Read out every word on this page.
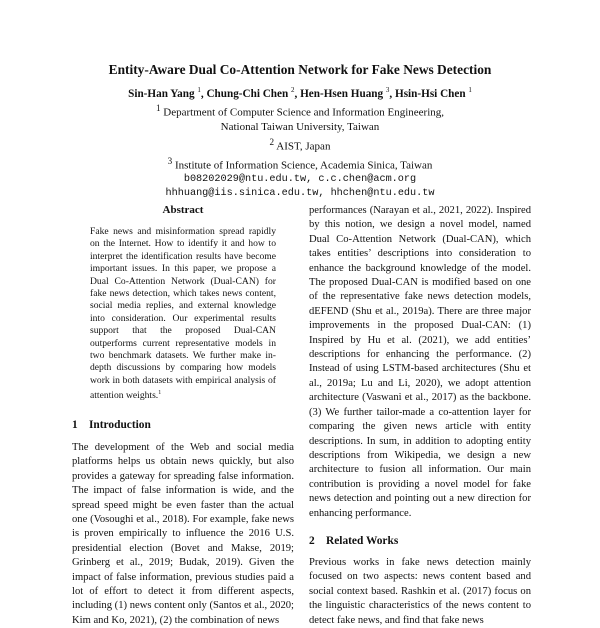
Entity-Aware Dual Co-Attention Network for Fake News Detection
Sin-Han Yang $^1$, Chung-Chi Chen $^2$, Hen-Hsen Huang $^3$, Hsin-Hsi Chen $^1$
$^1$ Department of Computer Science and Information Engineering,
National Taiwan University, Taiwan
$^2$ AIST, Japan
$^3$ Institute of Information Science, Academia Sinica, Taiwan
b08202029@ntu.edu.tw, c.c.chen@acm.org
hhhuang@iis.sinica.edu.tw, hhchen@ntu.edu.tw
Abstract

Fake news and misinformation spread rapidly on the Internet. How to identify it and how to interpret the identification results have become important issues. In this paper, we propose a Dual Co-Attention Network (Dual-CAN) for fake news detection, which takes news content, social media replies, and external knowledge into consideration. Our experimental results support that the proposed Dual-CAN outperforms current representative models in two benchmark datasets. We further make in-depth discussions by comparing how models work in both datasets with empirical analysis of attention weights.$^1$

1 Introduction

The development of the Web and social media platforms helps us obtain news quickly, but also provides a gateway for spreading false information. The impact of false information is wide, and the spread speed might be even faster than the actual one (Vosoughi et al., 2018). For example, fake news is proven empirically to influence the 2016 U.S. presidential election (Bovet and Makse, 2019; Grinberg et al., 2019; Budak, 2019). Given the impact of false information, previous studies paid a lot of effort to detect it from different aspects, including (1) news content only (Santos et al., 2020; Kim and Ko, 2021), (2) the combination of news

performances (Narayan et al., 2021, 2022). Inspired by this notion, we design a novel model, named Dual Co-Attention Network (Dual-CAN), which takes entities’ descriptions into consideration to enhance the background knowledge of the model. The proposed Dual-CAN is modified based on one of the representative fake news detection models, dEFEND (Shu et al., 2019a). There are three major improvements in the proposed Dual-CAN: (1) Inspired by Hu et al. (2021), we add entities’ descriptions for enhancing the performance. (2) Instead of using LSTM-based architectures (Shu et al., 2019a; Lu and Li, 2020), we adopt attention architecture (Vaswani et al., 2017) as the backbone. (3) We further tailor-made a co-attention layer for comparing the given news article with entity descriptions. In sum, in addition to adopting entity descriptions from Wikipedia, we design a new architecture to fusion all information. Our main contribution is providing a novel model for fake news detection and pointing out a new direction for enhancing performance.

2 Related Works

Previous works in fake news detection mainly focused on two aspects: news content based and social context based. Rashkin et al. (2017) focus on the linguistic characteristics of the news content to detect fake news, and find that fake news
